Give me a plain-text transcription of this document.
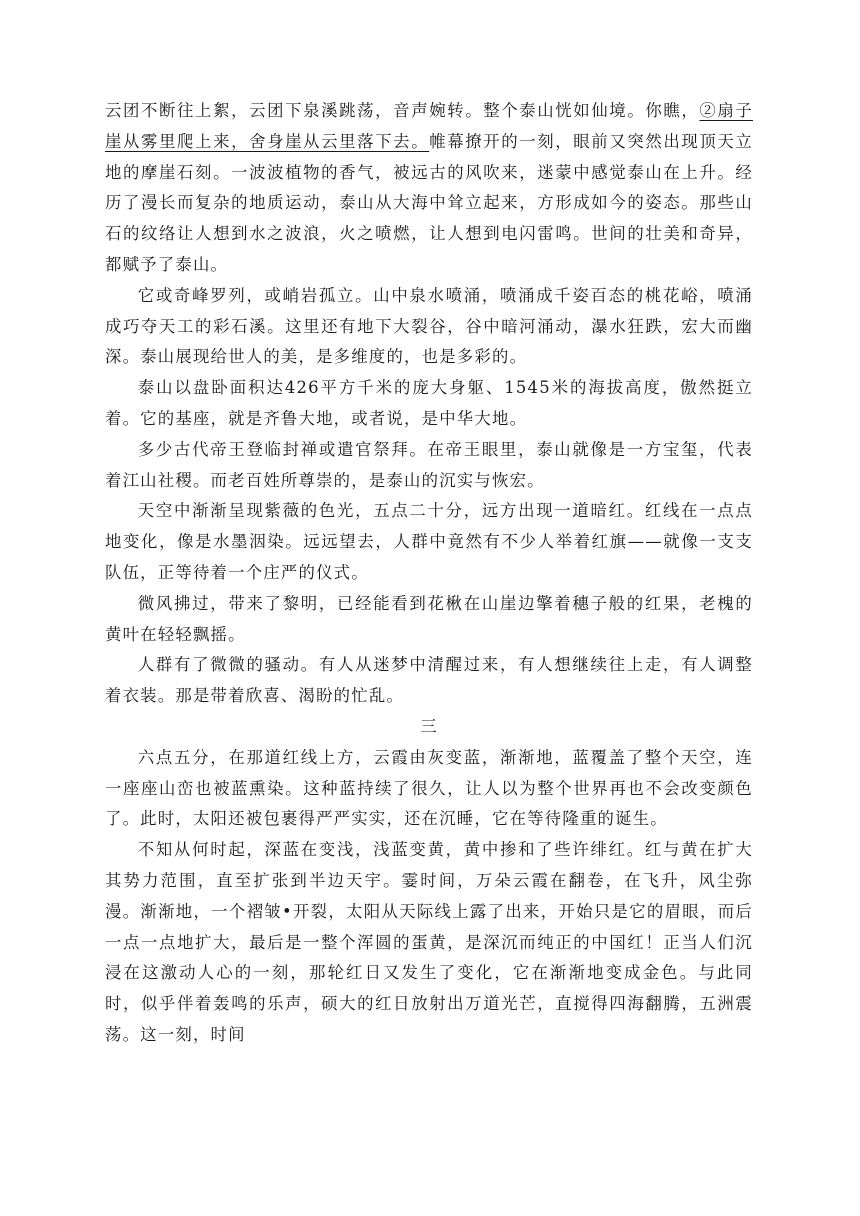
云团不断往上絮，云团下泉溪跳荡，音声婉转。整个泰山恍如仙境。你瞧，②扇子崖从雾里爬上来，舍身崖从云里落下去。帷幕撩开的一刻，眼前又突然出现顶天立地的摩崖石刻。一波波植物的香气，被远古的风吹来，迷蒙中感觉泰山在上升。经历了漫长而复杂的地质运动，泰山从大海中耸立起来，方形成如今的姿态。那些山石的纹络让人想到水之波浪，火之喷燃，让人想到电闪雷鸣。世间的壮美和奇异，都赋予了泰山。

它或奇峰罗列，或峭岩孤立。山中泉水喷涌，喷涌成千姿百态的桃花峪，喷涌成巧夺天工的彩石溪。这里还有地下大裂谷，谷中暗河涌动，瀑水狂跌，宏大而幽深。泰山展现给世人的美，是多维度的，也是多彩的。

泰山以盘卧面积达426平方千米的庞大身躯、1545米的海拔高度，傲然挺立着。它的基座，就是齐鲁大地，或者说，是中华大地。

多少古代帝王登临封禅或遣官祭拜。在帝王眼里，泰山就像是一方宝玺，代表着江山社稷。而老百姓所尊崇的，是泰山的沉实与恢宏。

天空中渐渐呈现紫薇的色光，五点二十分，远方出现一道暗红。红线在一点点地变化，像是水墨洇染。远远望去，人群中竟然有不少人举着红旗——就像一支支队伍，正等待着一个庄严的仪式。

微风拂过，带来了黎明，已经能看到花楸在山崖边擎着穗子般的红果，老槐的黄叶在轻轻飘摇。

人群有了微微的骚动。有人从迷梦中清醒过来，有人想继续往上走，有人调整着衣装。那是带着欣喜、渴盼的忙乱。

三

六点五分，在那道红线上方，云霞由灰变蓝，渐渐地，蓝覆盖了整个天空，连一座座山峦也被蓝熏染。这种蓝持续了很久，让人以为整个世界再也不会改变颜色了。此时，太阳还被包裹得严严实实，还在沉睡，它在等待隆重的诞生。

不知从何时起，深蓝在变浅，浅蓝变黄，黄中掺和了些许绯红。红与黄在扩大其势力范围，直至扩张到半边天宇。霎时间，万朵云霞在翻卷，在飞升，风尘弥漫。渐渐地，一个褶皱•开裂，太阳从天际线上露了出来，开始只是它的眉眼，而后一点一点地扩大，最后是一整个浑圆的蛋黄，是深沉而纯正的中国红！正当人们沉浸在这激动人心的一刻，那轮红日又发生了变化，它在渐渐地变成金色。与此同时，似乎伴着轰鸣的乐声，硕大的红日放射出万道光芒，直搅得四海翻腾，五洲震荡。这一刻，时间
